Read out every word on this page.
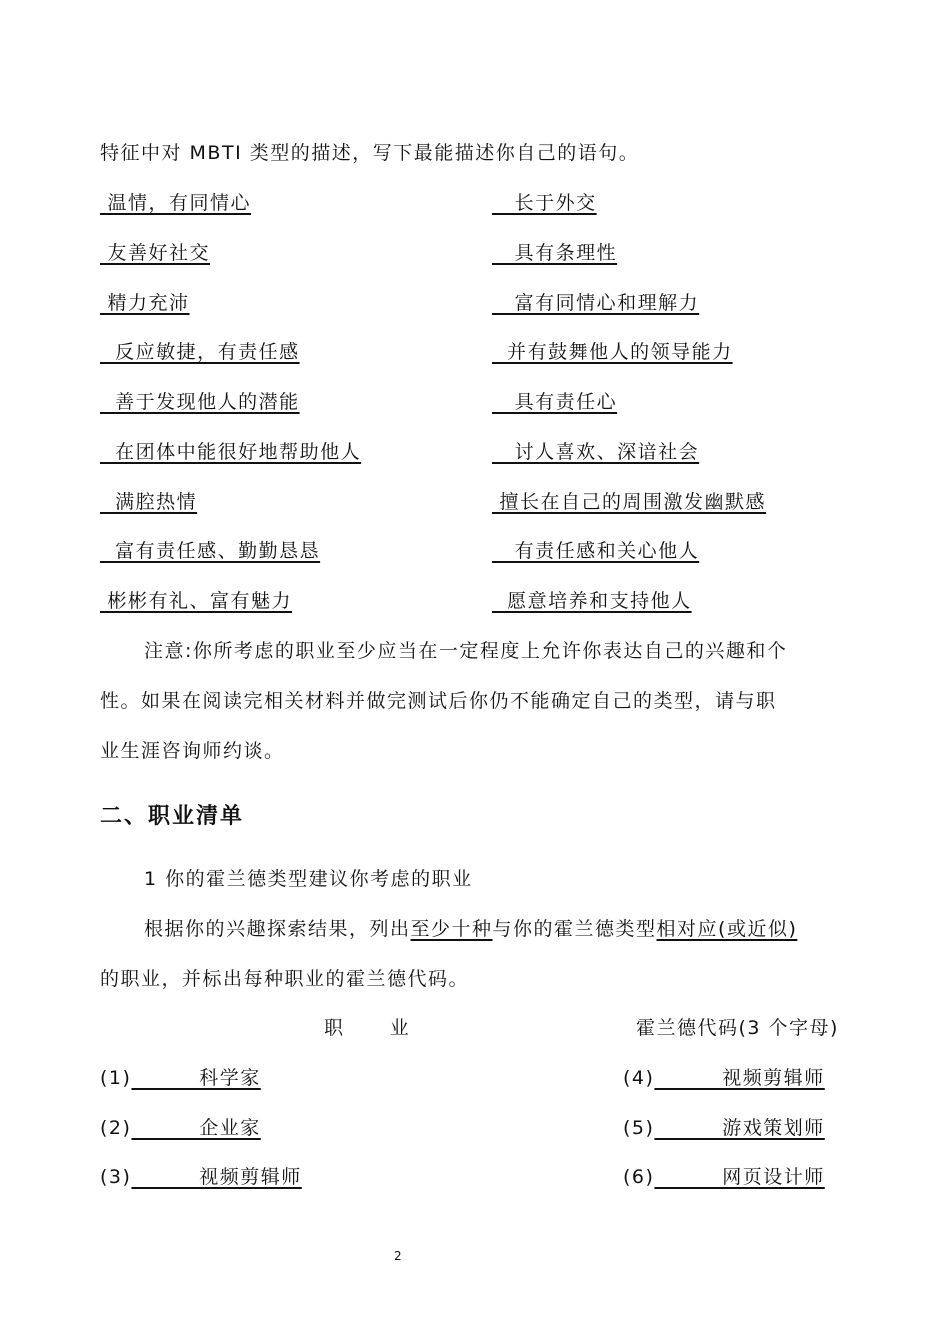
特征中对 MBTI 类型的描述，写下最能描述你自己的语句。
温情，有同情心
友善好社交
精力充沛
反应敏捷，有责任感
善于发现他人的潜能
在团体中能很好地帮助他人
满腔热情
富有责任感、勤勤恳恳
彬彬有礼、富有魅力
长于外交
具有条理性
富有同情心和理解力
并有鼓舞他人的领导能力
具有责任心
讨人喜欢、深谙社会
擅长在自己的周围激发幽默感
有责任感和关心他人
愿意培养和支持他人
注意:你所考虑的职业至少应当在一定程度上允许你表达自己的兴趣和个
性。如果在阅读完相关材料并做完测试后你仍不能确定自己的类型，请与职
业生涯咨询师约谈。
二、职业清单
1 你的霍兰德类型建议你考虑的职业
根据你的兴趣探索结果，列出至少十种与你的霍兰德类型相对应(或近似)
的职业，并标出每种职业的霍兰德代码。
职      业	霍兰德代码(3 个字母)
(1)         科学家
(2)         企业家
(3)         视频剪辑师
(4)         视频剪辑师
(5)         游戏策划师
(6)         网页设计师
2
